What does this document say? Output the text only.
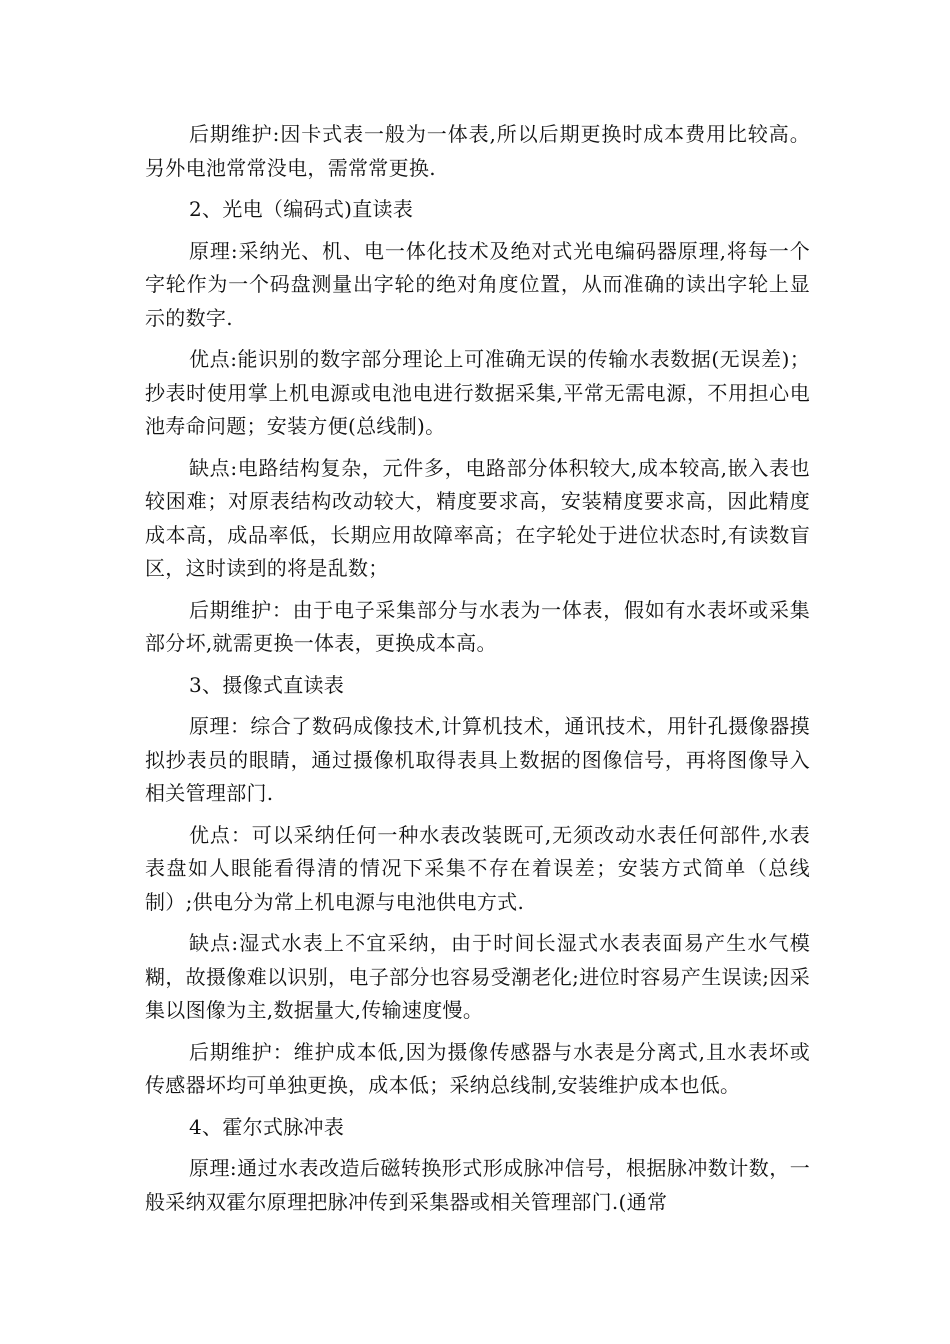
后期维护:因卡式表一般为一体表,所以后期更换时成本费用比较高。另外电池常常没电，需常常更换.

2、光电（编码式)直读表

原理:采纳光、机、电一体化技术及绝对式光电编码器原理,将每一个字轮作为一个码盘测量出字轮的绝对角度位置，从而准确的读出字轮上显示的数字.

优点:能识别的数字部分理论上可准确无误的传输水表数据(无误差)；抄表时使用掌上机电源或电池电进行数据采集,平常无需电源，不用担心电池寿命问题；安装方便(总线制)。

缺点:电路结构复杂，元件多，电路部分体积较大,成本较高,嵌入表也较困难；对原表结构改动较大，精度要求高，安装精度要求高，因此精度成本高，成品率低，长期应用故障率高；在字轮处于进位状态时,有读数盲区，这时读到的将是乱数；

后期维护：由于电子采集部分与水表为一体表，假如有水表坏或采集部分坏,就需更换一体表，更换成本高。

3、摄像式直读表

原理：综合了数码成像技术,计算机技术，通讯技术，用针孔摄像器摸拟抄表员的眼睛，通过摄像机取得表具上数据的图像信号，再将图像导入相关管理部门.

优点：可以采纳任何一种水表改装既可,无须改动水表任何部件,水表表盘如人眼能看得清的情况下采集不存在着误差；安装方式简单（总线制）;供电分为常上机电源与电池供电方式.

缺点:湿式水表上不宜采纳，由于时间长湿式水表表面易产生水气模糊，故摄像难以识别，电子部分也容易受潮老化;进位时容易产生误读;因采集以图像为主,数据量大,传输速度慢。

后期维护：维护成本低,因为摄像传感器与水表是分离式,且水表坏或传感器坏均可单独更换，成本低；采纳总线制,安装维护成本也低。

4、霍尔式脉冲表

原理:通过水表改造后磁转换形式形成脉冲信号，根据脉冲数计数，一般采纳双霍尔原理把脉冲传到采集器或相关管理部门.(通常
